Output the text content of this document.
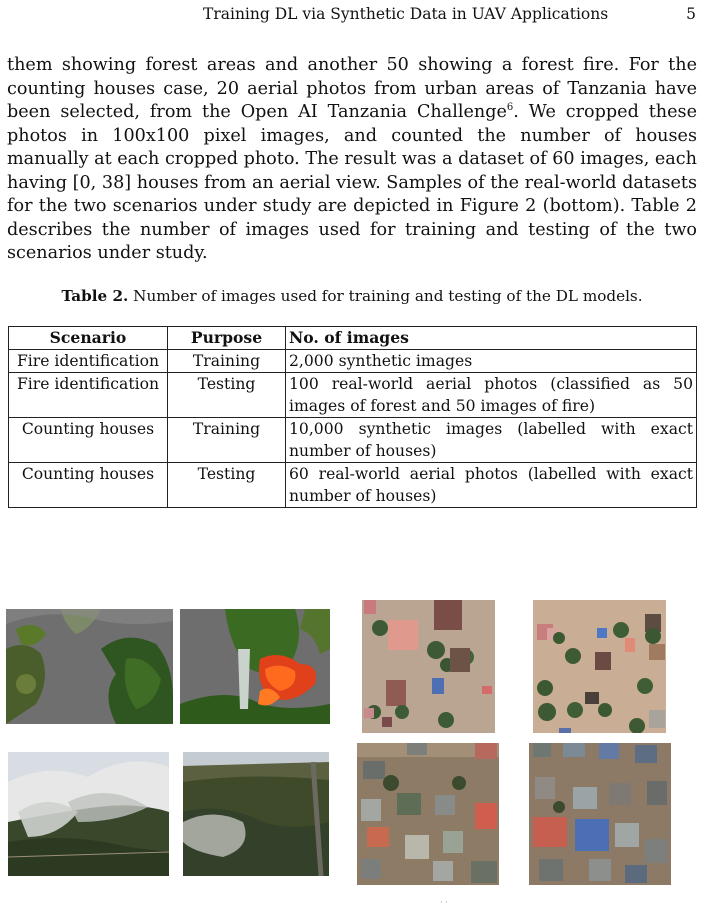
Training DL via Synthetic Data in UAV Applications	5

them showing forest areas and another 50 showing a forest fire. For the counting houses case, 20 aerial photos from urban areas of Tanzania have been selected, from the Open AI Tanzania Challenge$^6$. We cropped these photos in 100x100 pixel images, and counted the number of houses manually at each cropped photo. The result was a dataset of 60 images, each having [0, 38] houses from an aerial view. Samples of the real-world datasets for the two scenarios under study are depicted in Figure 2 (bottom). Table 2 describes the number of images used for training and testing of the two scenarios under study.

Table 2. Number of images used for training and testing of the DL models.
Scenario	Purpose	No. of images
Fire identification	Training	2,000 synthetic images
Fire identification	Testing	100 real-world aerial photos (classified as 50 images of forest and 50 images of fire)
Counting houses	Training	10,000 synthetic images (labelled with exact number of houses)
Counting houses	Testing	60 real-world aerial photos (labelled with exact number of houses)
· ·
